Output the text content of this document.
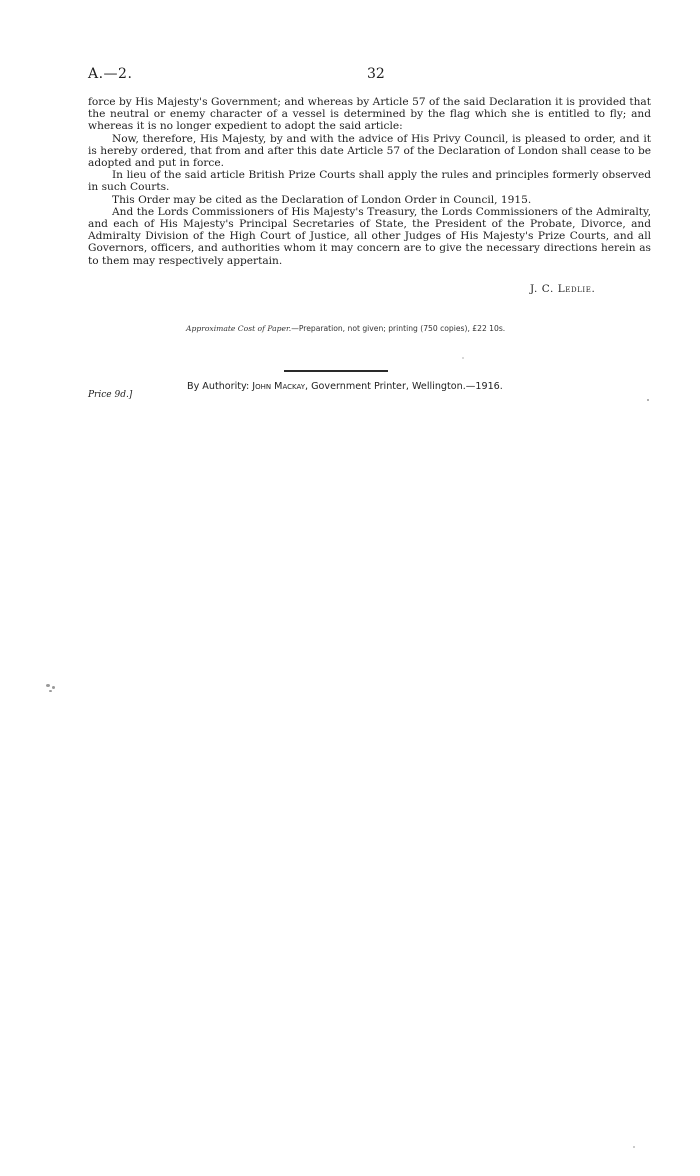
A.—2.	32

force by His Majesty's Government; and whereas by Article 57 of the said Declaration it is provided that the neutral or enemy character of a vessel is determined by the flag which she is entitled to fly; and whereas it is no longer expedient to adopt the said article:

Now, therefore, His Majesty, by and with the advice of His Privy Council, is pleased to order, and it is hereby ordered, that from and after this date Article 57 of the Declaration of London shall cease to be adopted and put in force.

In lieu of the said article British Prize Courts shall apply the rules and principles formerly observed in such Courts.

This Order may be cited as the Declaration of London Order in Council, 1915.

And the Lords Commissioners of His Majesty's Treasury, the Lords Commissioners of the Admiralty, and each of His Majesty's Principal Secretaries of State, the President of the Probate, Divorce, and Admiralty Division of the High Court of Justice, all other Judges of His Majesty's Prize Courts, and all Governors, officers, and authorities whom it may concern are to give the necessary directions herein as to them may respectively appertain.

J. C. Ledlie.
Approximate Cost of Paper.—Preparation, not given; printing (750 copies), £22 10s.
By Authority: John Mackay, Government Printer, Wellington.—1916.
Price 9d.]
